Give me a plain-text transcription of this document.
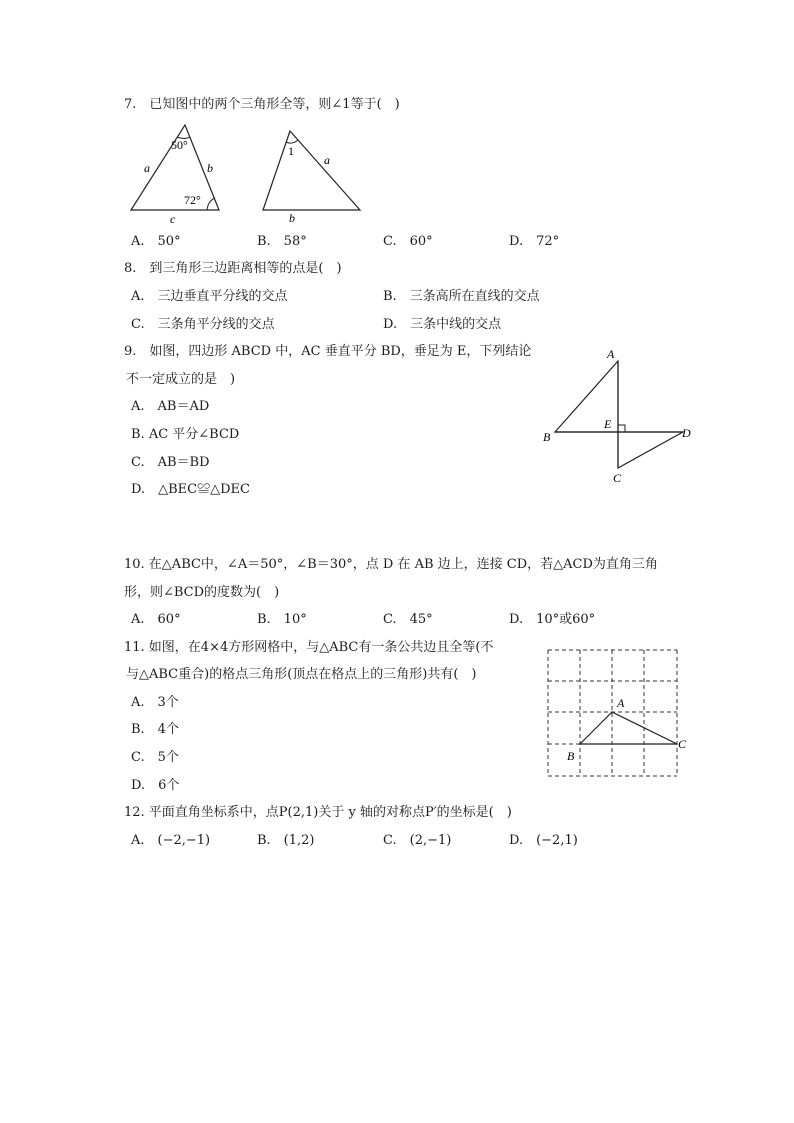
7.　已知图中的两个三角形全等，则∠1等于(　)
50°
a	b
72°
c
1
a
b
A.　50°	B.　58°	C.　60°	D.　72°
8.　到三角形三边距离相等的点是(　)
A.　三边垂直平分线的交点	B.　三条高所在直线的交点
C.　三条角平分线的交点	D.　三条中线的交点
9.　如图，四边形 ABCD 中，AC 垂直平分 BD，垂足为 E，下列结论
不一定成立的是　)
A.　AB＝AD
B. AC 平分∠BCD
C.　AB＝BD
D.　△BEC≌△DEC
A
B
C
D
E
10. 在△ABC中，∠A＝50°，∠B＝30°，点 D 在 AB 边上，连接 CD，若△ACD为直角三角
形，则∠BCD的度数为(　)
A.　60°	B.　10°	C.　45°	D.　10°或60°
11. 如图，在4×4方形网格中，与△ABC有一条公共边且全等(不
与△ABC重合)的格点三角形(顶点在格点上的三角形)共有(　)
A.　3个
B.　4个
C.　5个
D.　6个
A
B
C
12. 平面直角坐标系中，点P(2,1)关于 y 轴的对称点P′的坐标是(　)
A.　(−2,−1)	B.　(1,2)	C.　(2,−1)	D.　(−2,1)
